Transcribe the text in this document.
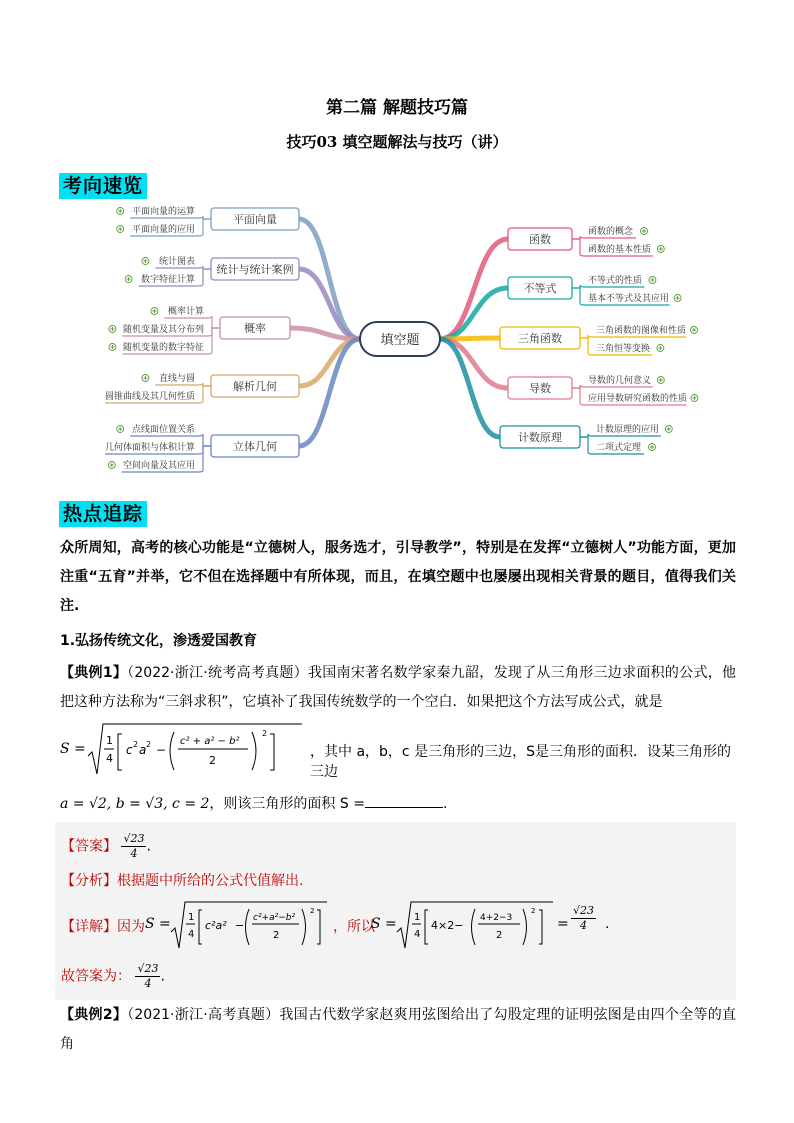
第二篇 解题技巧篇
技巧03 填空题解法与技巧（讲）
考向速览
平面向量
平面向量的运算
平面向量的应用
统计与统计案例
统计图表
数字特征计算
概率
概率计算
随机变量及其分布列
随机变量的数字特征
解析几何
直线与圆
圆锥曲线及其几何性质
立体几何
点线面位置关系
几何体面积与体积计算
空间向量及其应用
函数
函数的概念
函数的基本性质
不等式
不等式的性质
基本不等式及其应用
三角函数
三角函数的图像和性质
三角恒等变换
导数
导数的几何意义
应用导数研究函数的性质
计数原理
计数原理的应用
二项式定理
填空题
热点追踪
众所周知，高考的核心功能是“立德树人，服务选才，引导教学”，特别是在发挥“立德树人”功能方面，更加注重“五育”并举，它不但在选择题中有所体现，而且，在填空题中也屡屡出现相关背景的题目，值得我们关注.
1.弘扬传统文化，渗透爱国教育
【典例1】（2022·浙江·统考高考真题）我国南宋著名数学家秦九韶，发现了从三角形三边求面积的公式，他把这种方法称为“三斜求积”，它填补了我国传统数学的一个空白．如果把这个方法写成公式，就是
S =
1
4
c 2 a 2 −
c² + a² − b²
2
2
，其中 a，b，c 是三角形的三边，S是三角形的面积．设某三角形的三边
a = √2, b = √3, c = 2，则该三角形的面积 S =	.
【答案】 $\frac{√23}{4}$ .
【分析】根据题中所给的公式代值解出.
【详解】 因为 S = 1
4
c²a² −
c²+a²−b²
2
2
，所以
S = 1
4
4×2−
4+2−3
2
2
= $\frac{√23}{4}$ .
故答案为： $\frac{√23}{4}$ .
【典例2】（2021·浙江·高考真题）我国古代数学家赵爽用弦图给出了勾股定理的证明弦图是由四个全等的直角
